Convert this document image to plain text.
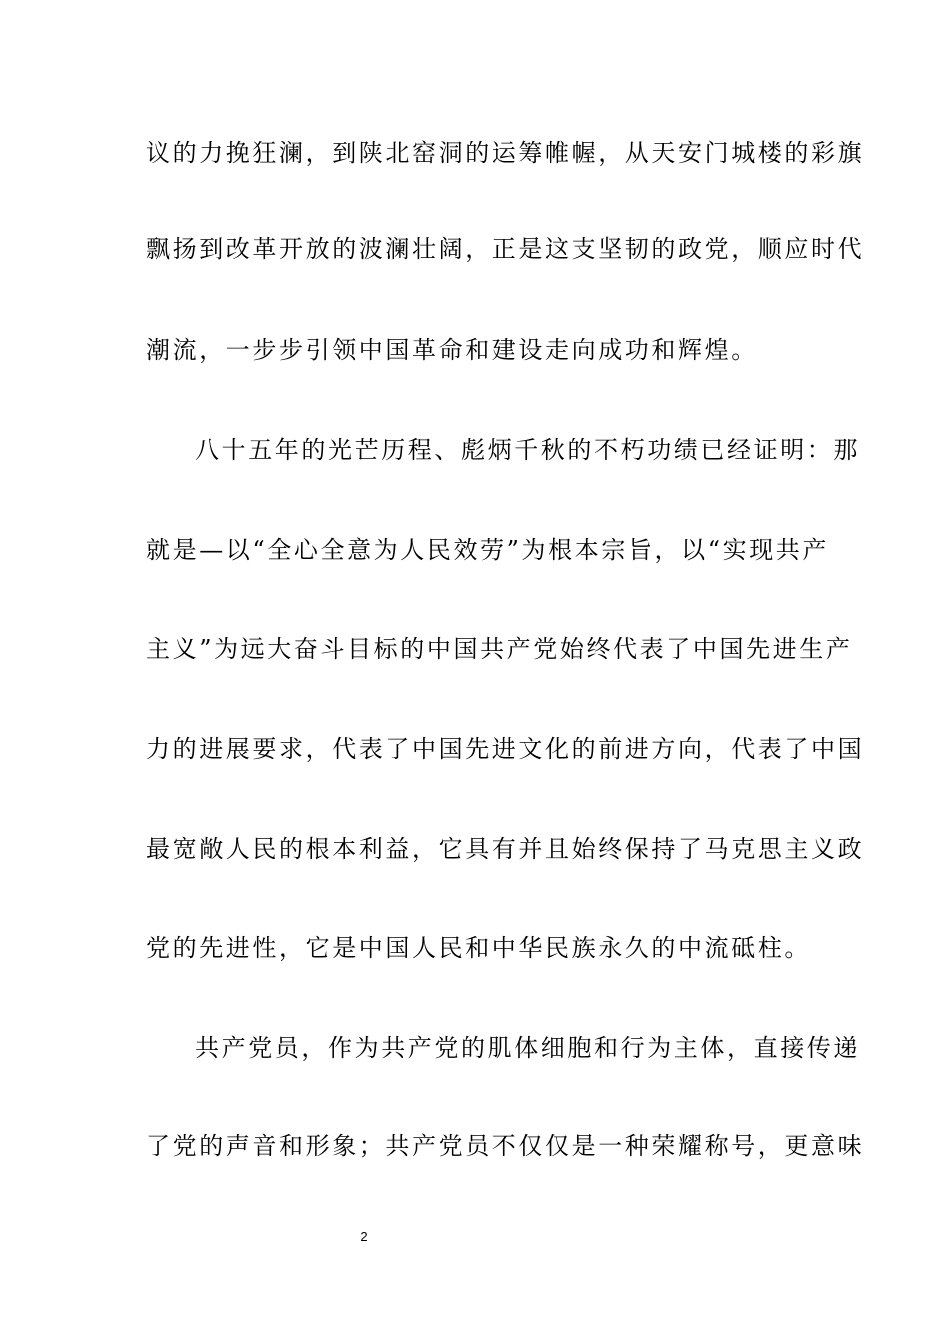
议的力挽狂澜，到陕北窑洞的运筹帷幄，从天安门城楼的彩旗
飘扬到改革开放的波澜壮阔，正是这支坚韧的政党，顺应时代
潮流，一步步引领中国革命和建设走向成功和辉煌。
八十五年的光芒历程、彪炳千秋的不朽功绩已经证明：那
就是—以“全心全意为人民效劳”为根本宗旨，以“实现共产
主义”为远大奋斗目标的中国共产党始终代表了中国先进生产
力的进展要求，代表了中国先进文化的前进方向，代表了中国
最宽敞人民的根本利益，它具有并且始终保持了马克思主义政
党的先进性，它是中国人民和中华民族永久的中流砥柱。
共产党员，作为共产党的肌体细胞和行为主体，直接传递
了党的声音和形象；共产党员不仅仅是一种荣耀称号，更意味
2
